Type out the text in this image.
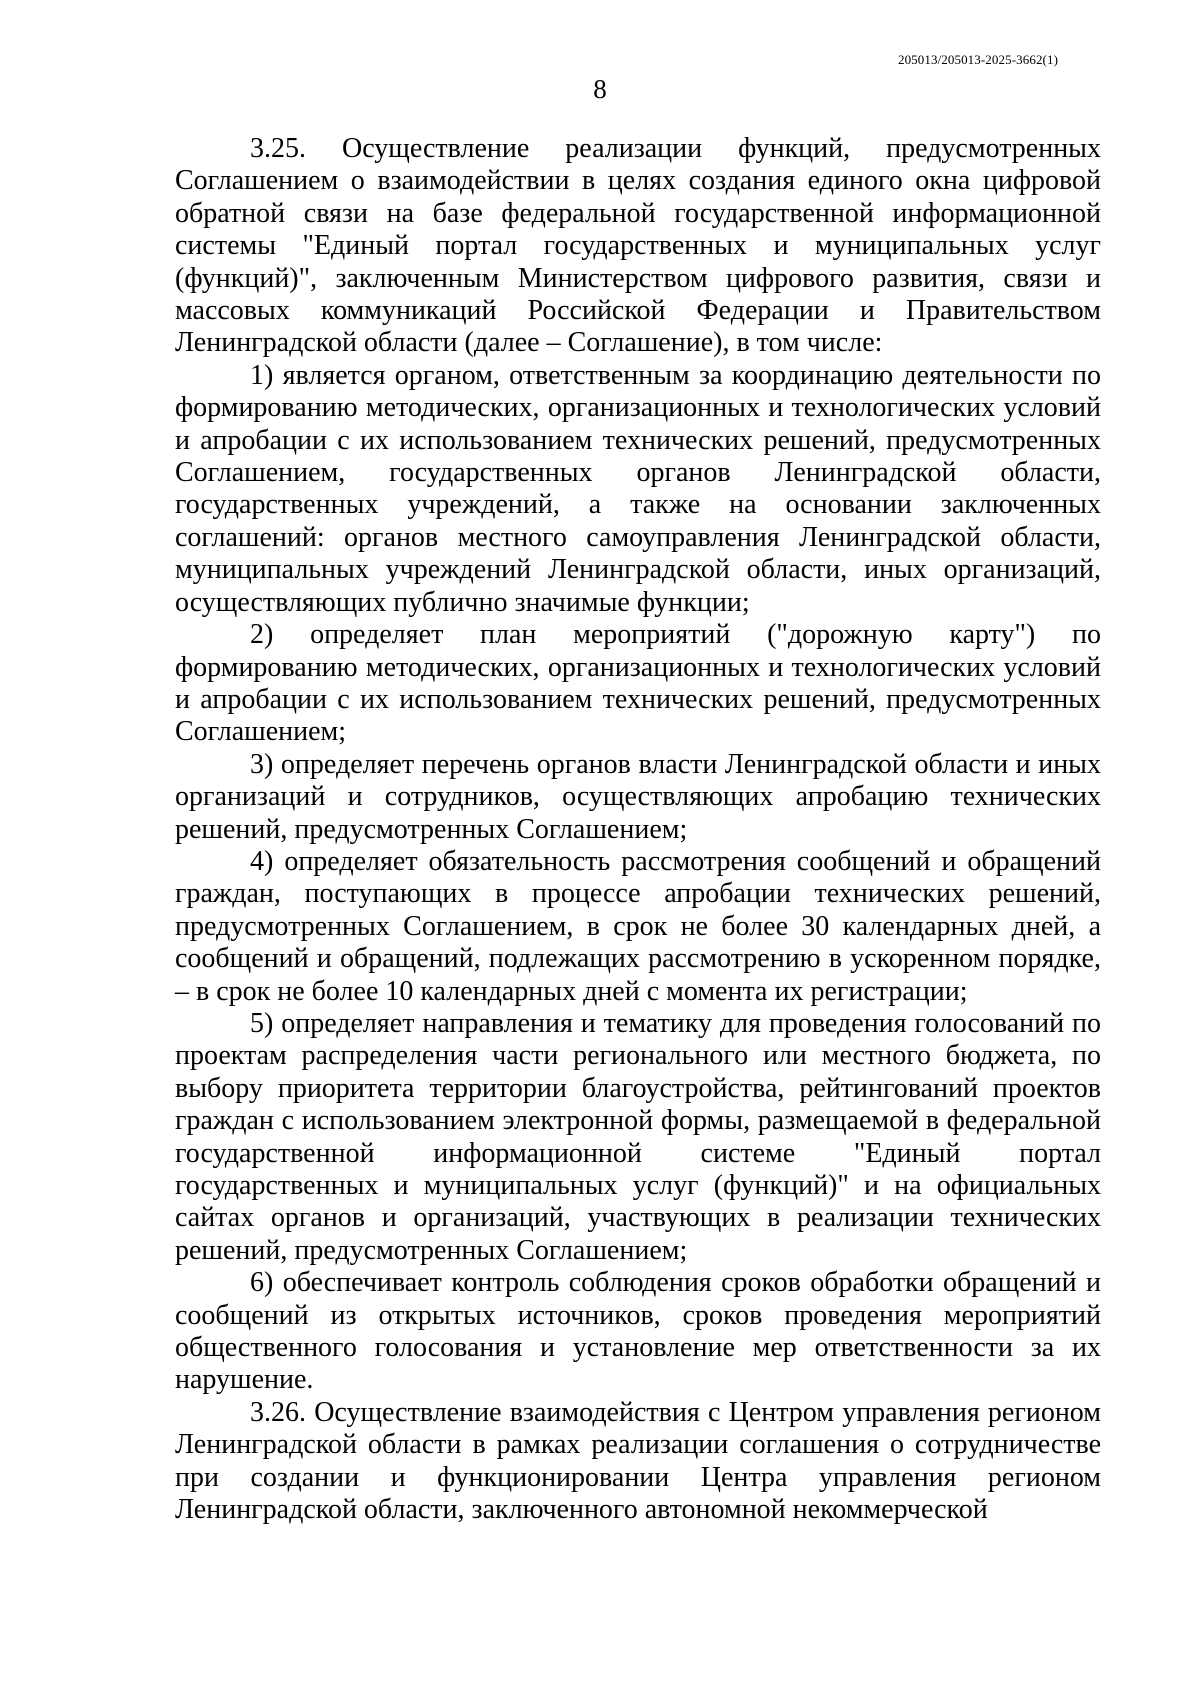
205013/205013-2025-3662(1)
8

3.25. Осуществление реализации функций, предусмотренных Соглашением о взаимодействии в целях создания единого окна цифровой обратной связи на базе федеральной государственной информационной системы "Единый портал государственных и муниципальных услуг (функций)", заключенным Министерством цифрового развития, связи и массовых коммуникаций Российской Федерации и Правительством Ленинградской области (далее – Соглашение), в том числе:

1) является органом, ответственным за координацию деятельности по формированию методических, организационных и технологических условий и апробации с их использованием технических решений, предусмотренных Соглашением, государственных органов Ленинградской области, государственных учреждений, а также на основании заключенных соглашений: органов местного самоуправления Ленинградской области, муниципальных учреждений Ленинградской области, иных организаций, осуществляющих публично значимые функции;

2) определяет план мероприятий ("дорожную карту") по формированию методических, организационных и технологических условий и апробации с их использованием технических решений, предусмотренных Соглашением;

3) определяет перечень органов власти Ленинградской области и иных организаций и сотрудников, осуществляющих апробацию технических решений, предусмотренных Соглашением;

4) определяет обязательность рассмотрения сообщений и обращений граждан, поступающих в процессе апробации технических решений, предусмотренных Соглашением, в срок не более 30 календарных дней, а сообщений и обращений, подлежащих рассмотрению в ускоренном порядке, – в срок не более 10 календарных дней с момента их регистрации;

5) определяет направления и тематику для проведения голосований по проектам распределения части регионального или местного бюджета, по выбору приоритета территории благоустройства, рейтингований проектов граждан с использованием электронной формы, размещаемой в федеральной государственной информационной системе "Единый портал государственных и муниципальных услуг (функций)" и на официальных сайтах органов и организаций, участвующих в реализации технических решений, предусмотренных Соглашением;

6) обеспечивает контроль соблюдения сроков обработки обращений и сообщений из открытых источников, сроков проведения мероприятий общественного голосования и установление мер ответственности за их нарушение.

3.26. Осуществление взаимодействия с Центром управления регионом Ленинградской области в рамках реализации соглашения о сотрудничестве при создании и функционировании Центра управления регионом Ленинградской области, заключенного автономной некоммерческой
